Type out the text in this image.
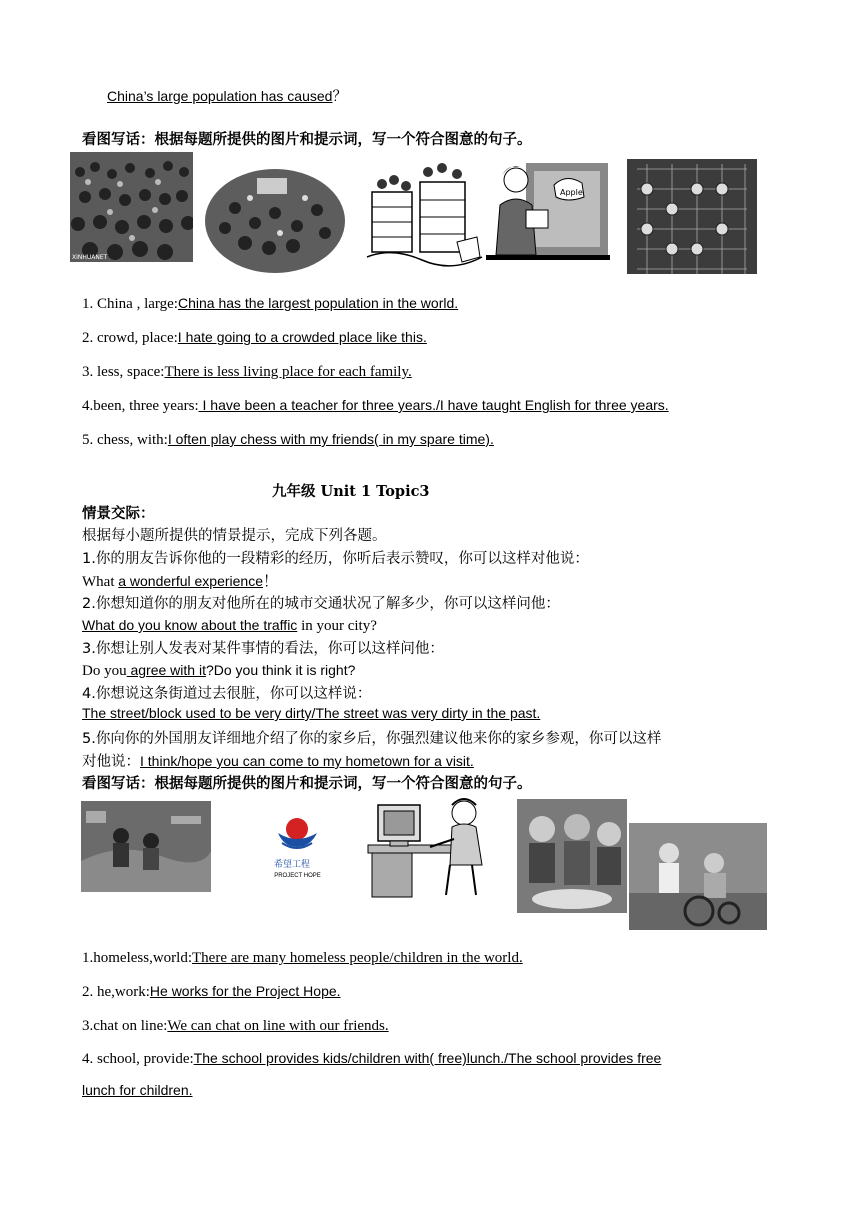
China’s large population has caused？
看图写话：根据每题所提供的图片和提示词，写一个符合图意的句子。
XINHUANET
Apple
1. China , large:China has the largest population in the world.
2. crowd, place:I hate going to a crowded place like this.
3. less, space:There is less living place for each family.
4.been, three years: I have been a teacher for three years./I have taught English for three years.
5. chess, with:I often play chess with my friends( in my spare time).
九年级 Unit 1 Topic3
情景交际：
根据每小题所提供的情景提示，完成下列各题。
1.你的朋友告诉你他的一段精彩的经历，你听后表示赞叹，你可以这样对他说：
What a wonderful experience！
2.你想知道你的朋友对他所在的城市交通状况了解多少，你可以这样问他：
What do you know about the traffic in your city?
3.你想让别人发表对某件事情的看法，你可以这样问他：
Do you agree with it?Do you think it is right?
4.你想说这条街道过去很脏，你可以这样说：
The street/block used to be very dirty/The street was very dirty in the past.
5.你向你的外国朋友详细地介绍了你的家乡后，你强烈建议他来你的家乡参观，你可以这样
对他说：I think/hope you can come to my hometown for a visit.
看图写话：根据每题所提供的图片和提示词，写一个符合图意的句子。
希望工程
PROJECT HOPE
1.homeless,world:There are many homeless people/children in the world.
2. he,work:He works for the Project Hope.
3.chat on line:We can chat on line with our friends.
4. school, provide:The school provides kids/children with( free)lunch./The school provides free
lunch for children.
